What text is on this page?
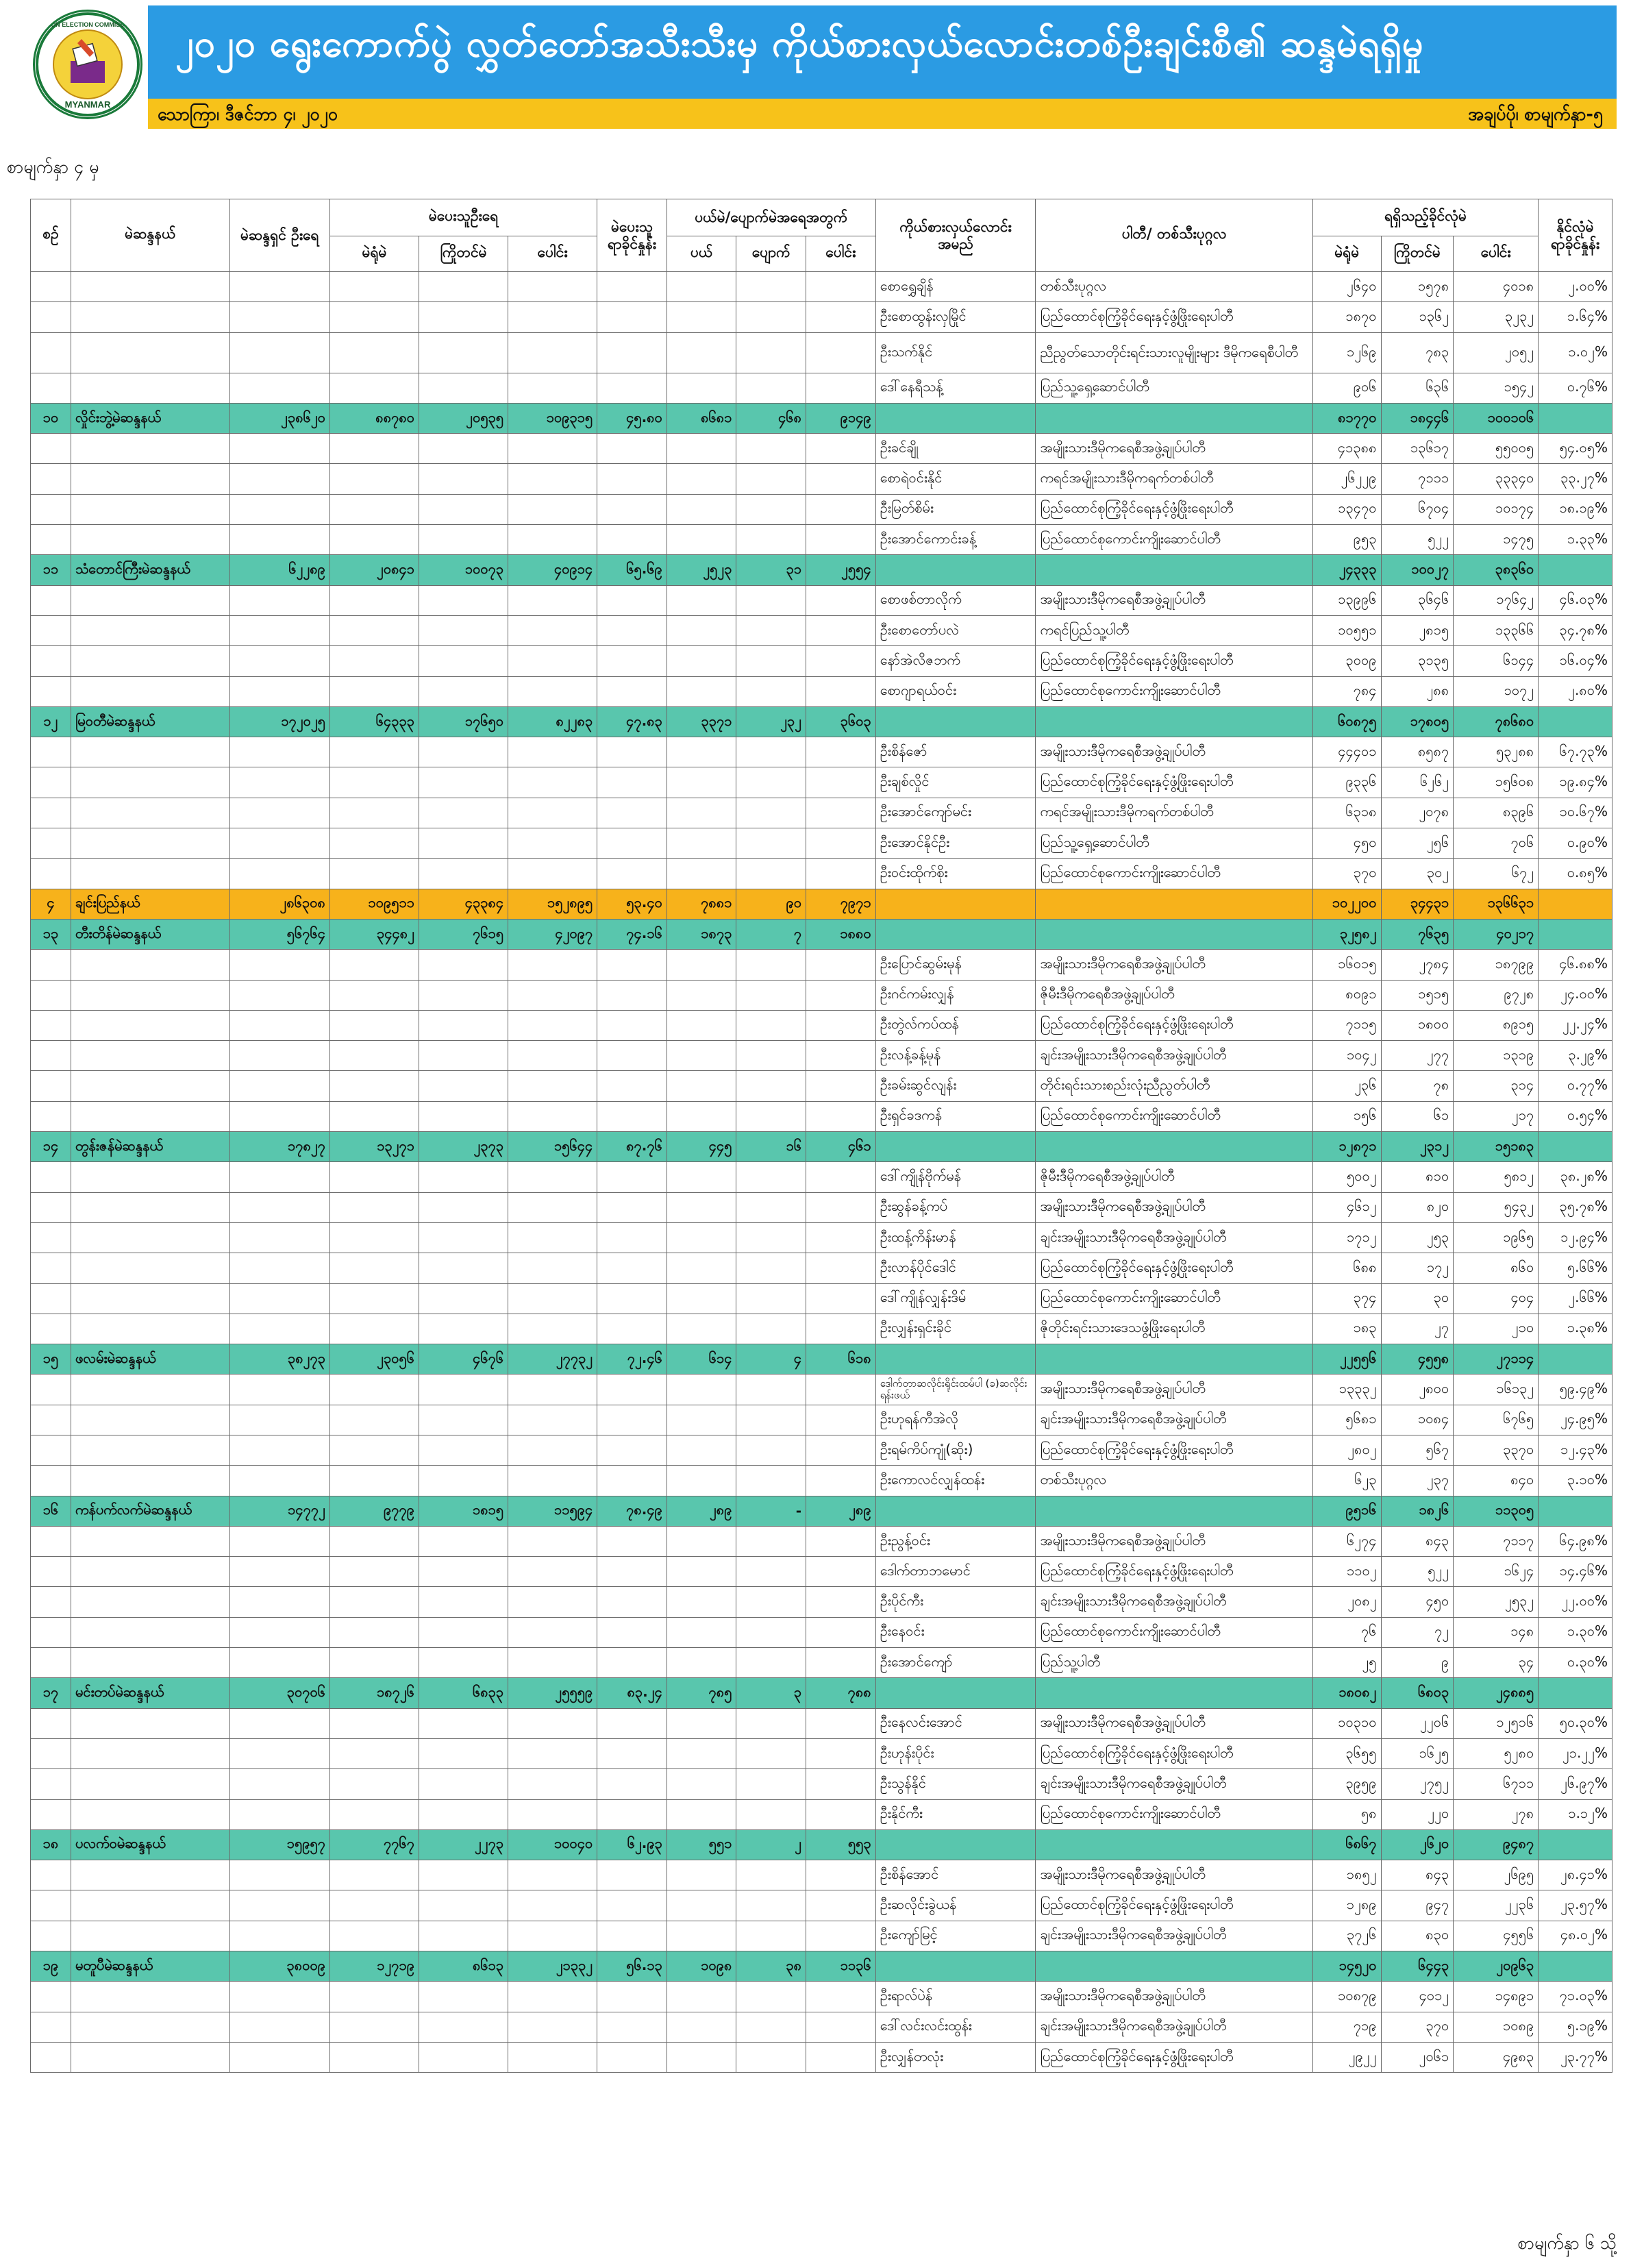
MYANMAR
UNION ELECTION COMMISSION ၂၀၂၀ ရွေးကောက်ပွဲ လွှတ်တော်အသီးသီးမှ ကိုယ်စားလှယ်လောင်းတစ်ဦးချင်းစီ၏ ဆန္ဒမဲရရှိမှု
သောကြာ၊ ဒီဇင်ဘာ ၄၊ ၂၀၂၀	အချပ်ပို၊ စာမျက်နှာ-၅
စာမျက်နှာ ၄ မှ
စဉ်	မဲဆန္ဒနယ်	မဲဆန္ဒရှင် ဦးရေ	မဲပေးသူဦးရေ			မဲပေးသူ ရာခိုင်နှုန်း	ပယ်မဲ/ပျောက်မဲအရေအတွက်			ကိုယ်စားလှယ်လောင်း အမည်	ပါတီ/ တစ်သီးပုဂ္ဂလ	ရရှိသည့်ခိုင်လုံမဲ			နိုင်လုံမဲ ရာခိုင်နှုန်း
			မဲရုံမဲ	ကြိုတင်မဲ	ပေါင်း		ပယ်	ပျောက်	ပေါင်း			မဲရုံမဲ	ကြိုတင်မဲ	ပေါင်း	
										စောရွှေချိန်	တစ်သီးပုဂ္ဂလ	၂၆၄၀	၁၅၇၈	၄၀၁၈	၂.၀၀%
										ဦးစောထွန်းလှမြိုင်	ပြည်ထောင်စုကြံ့ခိုင်ရေးနှင့်ဖွံ့ဖြိုးရေးပါတီ	၁၈၇၀	၁၃၆၂	၃၂၃၂	၁.၆၄%
										ဦးသက်နိုင်	ညီညွတ်သောတိုင်းရင်းသားလူမျိုးများ ဒီမိုကရေစီပါတီ	၁၂၆၉	၇၈၃	၂၀၅၂	၁.၀၂%
										ဒေါ်နေရီသန့်	ပြည်သူ့ရှေ့ဆောင်ပါတီ	၉၀၆	၆၃၆	၁၅၄၂	၀.၇၆%
၁၀	လှိုင်းဘွဲ့မဲဆန္ဒနယ်	၂၃၈၆၂၀	၈၈၇၈၀	၂၀၅၃၅	၁၀၉၃၁၅	၄၅.၈၀	၈၆၈၁	၄၆၈	၉၁၄၉			၈၁၇၇၀	၁၈၄၄၆	၁၀၀၁၀၆	
										ဦးခင်ချို	အမျိုးသားဒီမိုကရေစီအဖွဲ့ချုပ်ပါတီ	၄၁၃၈၈	၁၃၆၁၇	၅၅၀၀၅	၅၄.၀၅%
										စောရဲဝင်းနိုင်	ကရင်အမျိုးသားဒီမိုကရက်တစ်ပါတီ	၂၆၂၂၉	၇၁၁၁	၃၃၃၄၀	၃၃.၂၇%
										ဦးမြတ်စိမ်း	ပြည်ထောင်စုကြံ့ခိုင်ရေးနှင့်ဖွံ့ဖြိုးရေးပါတီ	၁၃၄၇၀	၆၇၀၄	၁၀၁၇၄	၁၈.၁၉%
										ဦးအောင်ကောင်းခန့်	ပြည်ထောင်စုကောင်းကျိုးဆောင်ပါတီ	၉၅၃	၅၂၂	၁၄၇၅	၁.၃၃%
၁၁	သံတောင်ကြီးမဲဆန္ဒနယ်	၆၂၂၈၉	၂၀၈၄၁	၁၀၀၇၃	၄၀၉၁၄	၆၅.၆၉	၂၅၂၃	၃၁	၂၅၅၄			၂၄၃၃၃	၁၀၀၂၇	၃၈၃၆၀	
										စောဖစ်တာလိုက်	အမျိုးသားဒီမိုကရေစီအဖွဲ့ချုပ်ပါတီ	၁၃၉၉၆	၃၆၄၆	၁၇၆၄၂	၄၆.၀၃%
										ဦးစောတော်ပလဲ	ကရင်ပြည်သူ့ပါတီ	၁၀၅၅၁	၂၈၁၅	၁၃၃၆၆	၃၄.၇၈%
										နော်အဲလိဇဘက်	ပြည်ထောင်စုကြံ့ခိုင်ရေးနှင့်ဖွံ့ဖြိုးရေးပါတီ	၃၀၀၉	၃၁၃၅	၆၁၄၄	၁၆.၀၄%
										စောဂျာရယ်ဝင်း	ပြည်ထောင်စုကောင်းကျိုးဆောင်ပါတီ	၇၈၄	၂၈၈	၁၀၇၂	၂.၈၀%
၁၂	မြဝတီမဲဆန္ဒနယ်	၁၇၂၀၂၅	၆၄၃၃၃	၁၇၆၅၀	၈၂၂၈၃	၄၇.၈၃	၃၃၇၁	၂၃၂	၃၆၀၃			၆၀၈၇၅	၁၇၈၀၅	၇၈၆၈၀	
										ဦးစိန်ဇော်	အမျိုးသားဒီမိုကရေစီအဖွဲ့ချုပ်ပါတီ	၄၄၄၀၁	၈၅၈၇	၅၃၂၈၈	၆၇.၇၃%
										ဦးချစ်လှိုင်	ပြည်ထောင်စုကြံ့ခိုင်ရေးနှင့်ဖွံ့ဖြိုးရေးပါတီ	၉၃၃၆	၆၂၆၂	၁၅၆၀၈	၁၉.၈၄%
										ဦးအောင်ကျော်မင်း	ကရင်အမျိုးသားဒီမိုကရက်တစ်ပါတီ	၆၃၁၈	၂၀၇၈	၈၃၉၆	၁၀.၆၇%
										ဦးအောင်နိုင်ဦး	ပြည်သူ့ရှေ့ဆောင်ပါတီ	၄၅၀	၂၅၆	၇၀၆	၀.၉၀%
										ဦးဝင်းထိုက်စိုး	ပြည်ထောင်စုကောင်းကျိုးဆောင်ပါတီ	၃၇၀	၃၀၂	၆၇၂	၀.၈၅%
၄	ချင်းပြည်နယ်	၂၈၆၃၀၈	၁၀၉၅၁၁	၄၃၃၈၄	၁၅၂၈၉၅	၅၃.၄၀	၇၈၈၁	၉၀	၇၉၇၁			၁၀၂၂၀၀	၃၄၄၃၁	၁၃၆၆၃၁	
၁၃	တီးတိန်မဲဆန္ဒနယ်	၅၆၇၆၄	၃၄၄၈၂	၇၆၁၅	၄၂၀၉၇	၇၄.၁၆	၁၈၇၃	၇	၁၈၈၀			၃၂၅၈၂	၇၆၃၅	၄၀၂၁၇	
										ဦးပြောင်ဆွမ်းမုန်	အမျိုးသားဒီမိုကရေစီအဖွဲ့ချုပ်ပါတီ	၁၆၀၁၅	၂၇၈၄	၁၈၇၉၉	၄၆.၈၈%
										ဦးဂင်ကမ်းလျှန်	ဇိုမီးဒီမိုကရေစီအဖွဲ့ချုပ်ပါတီ	၈၀၉၁	၁၅၁၅	၉၇၂၈	၂၄.၀၀%
										ဦးတွဲလ်ကပ်ထန်	ပြည်ထောင်စုကြံ့ခိုင်ရေးနှင့်ဖွံ့ဖြိုးရေးပါတီ	၇၁၁၅	၁၈၀၀	၈၉၁၅	၂၂.၂၄%
										ဦးလန့်ခန့်မုန်	ချင်းအမျိုးသားဒီမိုကရေစီအဖွဲ့ချုပ်ပါတီ	၁၀၄၂	၂၇၇	၁၃၁၉	၃.၂၉%
										ဦးခမ်းဆွင်လျန်း	တိုင်းရင်းသားစည်းလုံးညီညွတ်ပါတီ	၂၃၆	၇၈	၃၁၄	၀.၇၇%
										ဦးရှင်ခဒကန်	ပြည်ထောင်စုကောင်းကျိုးဆောင်ပါတီ	၁၅၆	၆၁	၂၁၇	၀.၅၄%
၁၄	တွန်းဇန်မဲဆန္ဒနယ်	၁၇၈၂၇	၁၃၂၇၁	၂၃၇၃	၁၅၆၄၄	၈၇.၇၆	၄၄၅	၁၆	၄၆၁			၁၂၈၇၁	၂၃၁၂	၁၅၁၈၃	
										ဒေါ်ကျိုန်ဗိုက်မန်	ဇိုမီးဒီမိုကရေစီအဖွဲ့ချုပ်ပါတီ	၅၀၀၂	၈၁၀	၅၈၁၂	၃၈.၂၈%
										ဦးဆွန်ခန့်ကပ်	အမျိုးသားဒီမိုကရေစီအဖွဲ့ချုပ်ပါတီ	၄၆၁၂	၈၂၀	၅၄၃၂	၃၅.၇၈%
										ဦးထန့်ကိန်းမာန်	ချင်းအမျိုးသားဒီမိုကရေစီအဖွဲ့ချုပ်ပါတီ	၁၇၁၂	၂၅၃	၁၉၆၅	၁၂.၉၄%
										ဦးလာန်ပိုင်ဒေါင်	ပြည်ထောင်စုကြံ့ခိုင်ရေးနှင့်ဖွံ့ဖြိုးရေးပါတီ	၆၈၈	၁၇၂	၈၆၀	၅.၆၆%
										ဒေါ်ကျိုန်လျှန်းဒိမ်	ပြည်ထောင်စုကောင်းကျိုးဆောင်ပါတီ	၃၇၄	၃၀	၄၀၄	၂.၆၆%
										ဦးလျှန်းရှင်းခိုင်	ဇိုတိုင်းရင်းသားဒေသဖွံ့ဖြိုးရေးပါတီ	၁၈၃	၂၇	၂၁၀	၁.၃၈%
၁၅	ဖလမ်းမဲဆန္ဒနယ်	၃၈၂၇၃	၂၃၀၅၆	၄၆၇၆	၂၇၇၃၂	၇၂.၄၆	၆၁၄	၄	၆၁၈			၂၂၅၅၆	၄၅၅၈	၂၇၁၁၄	
										ဒေါက်တာဆလိုင်းရိုင်းထမ်ပါ (ခ)ဆလိုင်းရန်းဖယ်	အမျိုးသားဒီမိုကရေစီအဖွဲ့ချုပ်ပါတီ	၁၃၃၃၂	၂၈၀၀	၁၆၁၃၂	၅၉.၄၉%
										ဦးဟုရန်ကီအဲလို	ချင်းအမျိုးသားဒီမိုကရေစီအဖွဲ့ချုပ်ပါတီ	၅၆၈၁	၁၀၈၄	၆၇၆၅	၂၄.၉၅%
										ဦးရမ်ကိပ်ကျုံ(ဆိုး)	ပြည်ထောင်စုကြံ့ခိုင်ရေးနှင့်ဖွံ့ဖြိုးရေးပါတီ	၂၈၀၂	၅၆၇	၃၃၇၀	၁၂.၄၃%
										ဦးကောလင်လျှန်ထန်း	တစ်သီးပုဂ္ဂလ	၆၂၃	၂၃၇	၈၄၀	၃.၁၀%
၁၆	ကန်ပက်လက်မဲဆန္ဒနယ်	၁၄၇၇၂	၉၇၇၉	၁၈၁၅	၁၁၅၉၄	၇၈.၄၉	၂၈၉	-	၂၈၉			၉၅၁၆	၁၈၂၆	၁၁၃၀၅	
										ဦးညွန့်ဝင်း	အမျိုးသားဒီမိုကရေစီအဖွဲ့ချုပ်ပါတီ	၆၂၇၄	၈၄၃	၇၁၁၇	၆၄.၉၈%
										ဒေါက်တာဘမောင်	ပြည်ထောင်စုကြံ့ခိုင်ရေးနှင့်ဖွံ့ဖြိုးရေးပါတီ	၁၁၀၂	၅၂၂	၁၆၂၄	၁၄.၄၆%
										ဦးပိုင်ကီး	ချင်းအမျိုးသားဒီမိုကရေစီအဖွဲ့ချုပ်ပါတီ	၂၀၈၂	၄၅၀	၂၅၃၂	၂၂.၀၀%
										ဦးနေဝင်း	ပြည်ထောင်စုကောင်းကျိုးဆောင်ပါတီ	၇၆	၇၂	၁၄၈	၁.၃၀%
										ဦးအောင်ကျော်	ပြည်သူ့ပါတီ	၂၅	၉	၃၄	၀.၃၀%
၁၇	မင်းတပ်မဲဆန္ဒနယ်	၃၀၇၀၆	၁၈၇၂၆	၆၈၃၃	၂၅၅၅၉	၈၃.၂၄	၇၈၅	၃	၇၈၈			၁၈၀၈၂	၆၈၀၃	၂၄၈၈၅	
										ဦးနေလင်းအောင်	အမျိုးသားဒီမိုကရေစီအဖွဲ့ချုပ်ပါတီ	၁၀၃၁၀	၂၂၀၆	၁၂၅၁၆	၅၀.၃၀%
										ဦးဟုန်းပိုင်း	ပြည်ထောင်စုကြံ့ခိုင်ရေးနှင့်ဖွံ့ဖြိုးရေးပါတီ	၃၆၅၅	၁၆၂၅	၅၂၈၀	၂၁.၂၂%
										ဦးသွန်နိုင်	ချင်းအမျိုးသားဒီမိုကရေစီအဖွဲ့ချုပ်ပါတီ	၃၉၅၉	၂၇၅၂	၆၇၁၁	၂၆.၉၇%
										ဦးနိုင်ကီး	ပြည်ထောင်စုကောင်းကျိုးဆောင်ပါတီ	၅၈	၂၂၀	၂၇၈	၁.၁၂%
၁၈	ပလက်ဝမဲဆန္ဒနယ်	၁၅၉၅၇	၇၇၆၇	၂၂၇၃	၁၀၀၄၀	၆၂.၉၃	၅၅၁	၂	၅၅၃			၆၈၆၇	၂၆၂၀	၉၄၈၇	
										ဦးစိန်အောင်	အမျိုးသားဒီမိုကရေစီအဖွဲ့ချုပ်ပါတီ	၁၈၅၂	၈၄၃	၂၆၉၅	၂၈.၄၁%
										ဦးဆလိုင်းခွဲယန်	ပြည်ထောင်စုကြံ့ခိုင်ရေးနှင့်ဖွံ့ဖြိုးရေးပါတီ	၁၂၈၉	၉၄၇	၂၂၃၆	၂၃.၅၇%
										ဦးကျော်မြင့်	ချင်းအမျိုးသားဒီမိုကရေစီအဖွဲ့ချုပ်ပါတီ	၃၇၂၆	၈၃၀	၄၅၅၆	၄၈.၀၂%
၁၉	မတူပီမဲဆန္ဒနယ်	၃၈၀၀၉	၁၂၇၁၉	၈၆၁၃	၂၁၃၃၂	၅၆.၁၃	၁၀၉၈	၃၈	၁၁၃၆			၁၄၅၂၀	၆၄၄၃	၂၀၉၆၃	
										ဦးရာလ်ပဲန်	အမျိုးသားဒီမိုကရေစီအဖွဲ့ချုပ်ပါတီ	၁၀၈၇၉	၄၀၁၂	၁၄၈၉၁	၇၁.၀၃%
										ဒေါ်လင်းလင်းထွန်း	ချင်းအမျိုးသားဒီမိုကရေစီအဖွဲ့ချုပ်ပါတီ	၇၁၉	၃၇၀	၁၀၈၉	၅.၁၉%
										ဦးလျှန်တလုံး	ပြည်ထောင်စုကြံ့ခိုင်ရေးနှင့်ဖွံ့ဖြိုးရေးပါတီ	၂၉၂၂	၂၀၆၁	၄၉၈၃	၂၃.၇၇%
စာမျက်နှာ ၆ သို့
